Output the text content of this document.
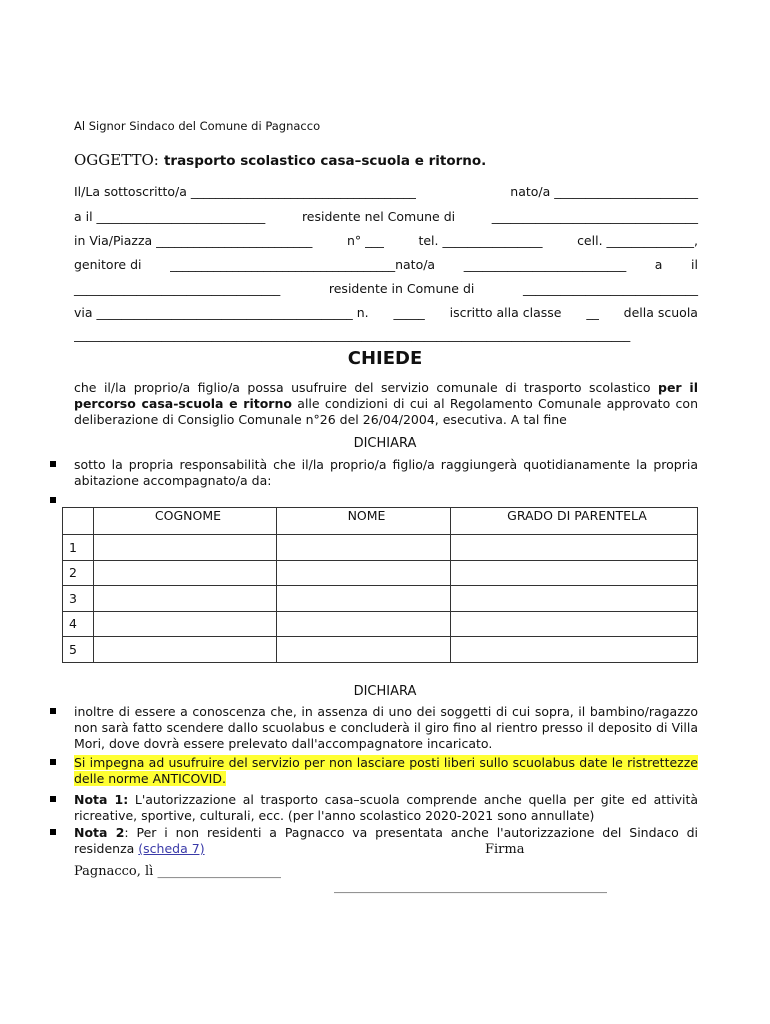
Al Signor Sindaco del Comune di Pagnacco
OGGETTO: trasporto scolastico casa–scuola e ritorno.
Il/La sottoscritto/a ____________________________________	nato/a _______________________
a il ___________________________	residente nel Comune di	_________________________________
in Via/Piazza _________________________	n° ___	tel. ________________	cell. ______________,
genitore di ____________________________________nato/a __________________________ a il
_________________________________	residente in Comune di	____________________________
via _________________________________________ n. _____ iscritto alla classe __ della scuola
_________________________________________________________________________________________
CHIEDE
che il/la proprio/a figlio/a possa usufruire del servizio comunale di trasporto scolastico per il percorso casa-scuola e ritorno alle condizioni di cui al Regolamento Comunale approvato con deliberazione di Consiglio Comunale n°26 del 26/04/2004, esecutiva. A tal fine
DICHIARA
sotto la propria responsabilità che il/la proprio/a figlio/a raggiungerà quotidianamente la propria abitazione accompagnato/a da:
	COGNOME	NOME	GRADO DI PARENTELA
1			
2			
3			
4			
5			
DICHIARA
inoltre di essere a conoscenza che, in assenza di uno dei soggetti di cui sopra, il bambino/ragazzo non sarà fatto scendere dallo scuolabus e concluderà il giro fino al rientro presso il deposito di Villa Mori, dove dovrà essere prelevato dall'accompagnatore incaricato.
Si impegna ad usufruire del servizio per non lasciare posti liberi sullo scuolabus date le ristrettezze delle norme ANTICOVID.
Nota 1: L'autorizzazione al trasporto casa–scuola comprende anche quella per gite ed attività ricreative, sportive, culturali, ecc. (per l'anno scolastico 2020-2021 sono annullate)
Nota 2: Per i non residenti a Pagnacco va presentata anche l'autorizzazione del Sindaco di residenza (scheda 7)	Firma
Pagnacco, lì ___________________
__________________________________________
